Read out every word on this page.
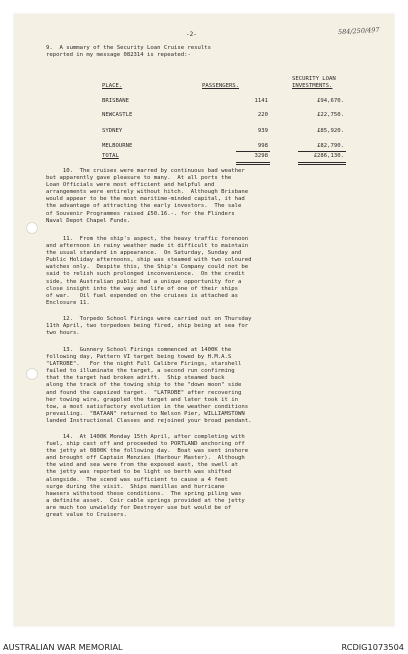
-2-	584/250/497
9.  A summary of the Security Loan Cruise results
reported in my message 082314 is repeated:-
PLACE.	PASSENGERS.
SECURITY LOAN
INVESTMENTS.
BRISBANE	1141	£94,670.
NEWCASTLE	220	£22,750.
SYDNEY	939	£85,920.
MELBOURNE	998	£82,790.
TOTAL	3298	£286,130.
10.  The cruises were marred by continuous bad weather
but apparently gave pleasure to many.  At all ports the
Loan Officials were most efficient and helpful and
arrangements were entirely without hitch.  Although Brisbane
would appear to be the most maritime-minded capital, it had
the advantage of attracting the early investors.  The sale
of Souvenir Programmes raised £50.16.-. for the Flinders
Naval Depot Chapel Funds.
11.  From the ship's aspect, the heavy traffic forenoon
and afternoon in rainy weather made it difficult to maintain
the usual standard in appearance.  On Saturday, Sunday and
Public Holiday afternoons, ship was steamed with two coloured
watches only.  Despite this, the Ship's Company could not be
said to relish such prolonged inconvenience.  On the credit
side, the Australian public had a unique opportunity for a
close insight into the way and life of one of their ships
of war.   Oil fuel expended on the cruises is attached as
Enclosure 11.
12.  Torpedo School Firings were carried out on Thursday
11th April, two torpedoes being fired, ship being at sea for
two hours.
13.  Gunnery School Firings commenced at 1400K the
following day, Pattern VI target being towed by H.M.A.S
"LATROBE".   For the night Full Calibre Firings, starshell
failed to illuminate the target, a second run confirming
that the target had broken adrift.  Ship steamed back
along the track of the towing ship to the "down moon" side
and found the capsized target.  "LATROBE" after recovering
her towing wire, grappled the target and later took it in
tow, a most satisfactory evolution in the weather conditions
prevailing.  "BATAAN" returned to Nelson Pier, WILLIAMSTOWN
landed Instructional Classes and rejoined your broad pendant.
14.  At 1400K Monday 15th April, after completing with
fuel, ship cast off and proceeded to PORTLAND anchoring off
the jetty at 0800K the following day.  Boat was sent inshore
and brought off Captain Menzies (Harbour Master).  Although
the wind and sea were from the exposed east, the swell at
the jetty was reported to be light so berth was shifted
alongside.  The scend was sufficient to cause a 4 feet
surge during the visit.  Ships manillas and hurricane
hawsers withstood these conditions.  The spring piling was
a definite asset.  Coir cable springs provided at the jetty
are much too unwieldy for Destroyer use but would be of
great value to Cruisers.
AUSTRALIAN WAR MEMORIAL	RCDIG1073504
